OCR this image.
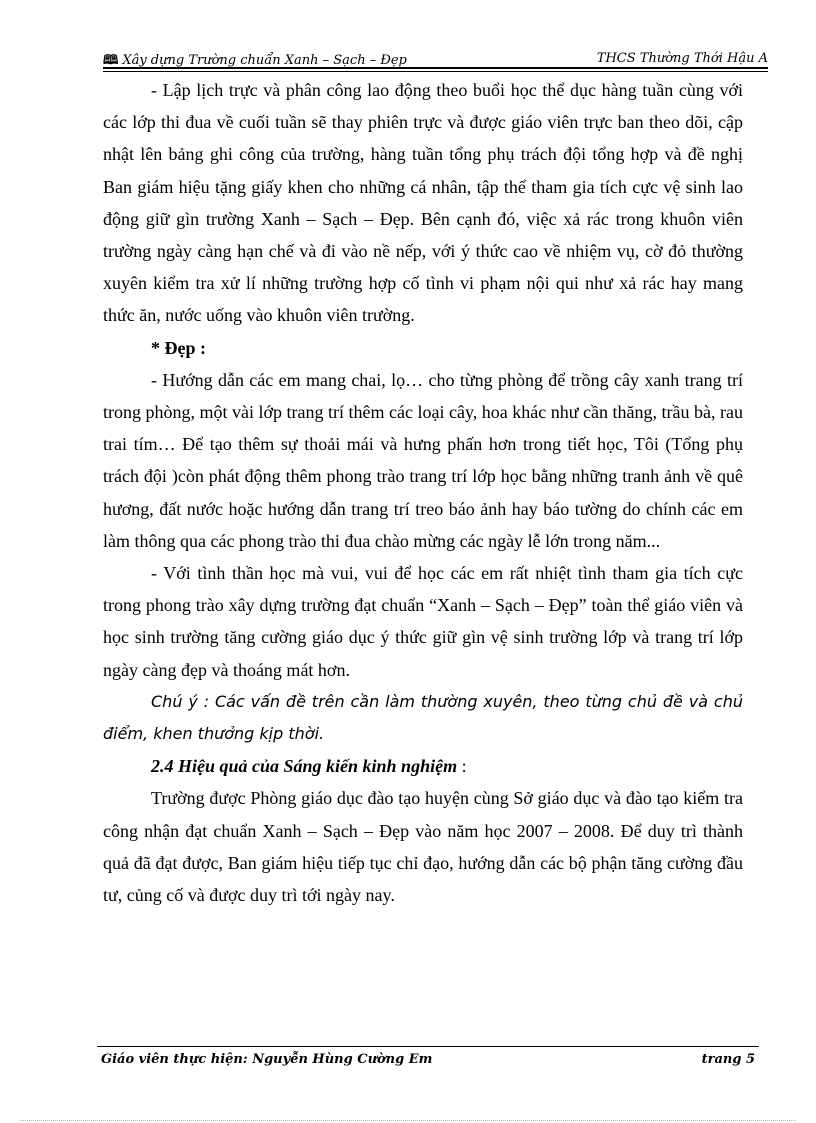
🕮 Xây dựng Trường chuẩn Xanh – Sạch – Đẹp	THCS Thường Thới Hậu A

- Lập lịch trực và phân công lao động theo buổi học thể dục hàng tuần cùng với các lớp thi đua về cuối tuần sẽ thay phiên trực và được giáo viên trực ban theo dõi, cập nhật lên bảng ghi công của trường, hàng tuần tổng phụ trách đội tổng hợp và đề nghị Ban giám hiệu tặng giấy khen cho những cá nhân, tập thể tham gia tích cực vệ sinh lao động giữ gìn trường Xanh – Sạch – Đẹp. Bên cạnh đó, việc xả rác trong khuôn viên trường ngày càng hạn chế và đi vào nề nếp, với ý thức cao về nhiệm vụ, cờ đỏ thường xuyên kiểm tra xử lí những trường hợp cố tình vi phạm nội qui như xả rác hay mang thức ăn, nước uống vào khuôn viên trường.

* Đẹp :

- Hướng dẫn các em mang chai, lọ… cho từng phòng để trồng cây xanh trang trí trong phòng, một vài lớp trang trí thêm các loại cây, hoa khác như cần thăng, trầu bà, rau trai tím… Để tạo thêm sự thoải mái và hưng phấn hơn trong tiết học, Tôi (Tổng phụ trách đội )còn phát động thêm phong trào trang trí lớp học bằng những tranh ảnh về quê hương, đất nước hoặc hướng dẫn trang trí treo báo ảnh hay báo tường do chính các em làm thông qua các phong trào thi đua chào mừng các ngày lễ lớn trong năm...

- Với tình thần học mà vui, vui để học các em rất nhiệt tình tham gia tích cực trong phong trào xây dựng trường đạt chuẩn “Xanh – Sạch – Đẹp” toàn thể giáo viên và học sinh trường tăng cường giáo dục ý thức giữ gìn vệ sinh trường lớp và trang trí lớp ngày càng đẹp và thoáng mát hơn.

Chú ý : Các vấn đề trên cần làm thường xuyên, theo từng chủ đề và chủ điểm, khen thưởng kịp thời.

2.4 Hiệu quả của Sáng kiến kinh nghiệm :

Trường được Phòng giáo dục đào tạo huyện cùng Sở giáo dục và đào tạo kiểm tra công nhận đạt chuẩn Xanh – Sạch – Đẹp vào năm học 2007 – 2008. Để duy trì thành quả đã đạt được, Ban giám hiệu tiếp tục chỉ đạo, hướng dẫn các bộ phận tăng cường đầu tư, củng cố và được duy trì tới ngày nay.

Giáo viên thực hiện: Nguyễn Hùng Cường Em	trang 5
